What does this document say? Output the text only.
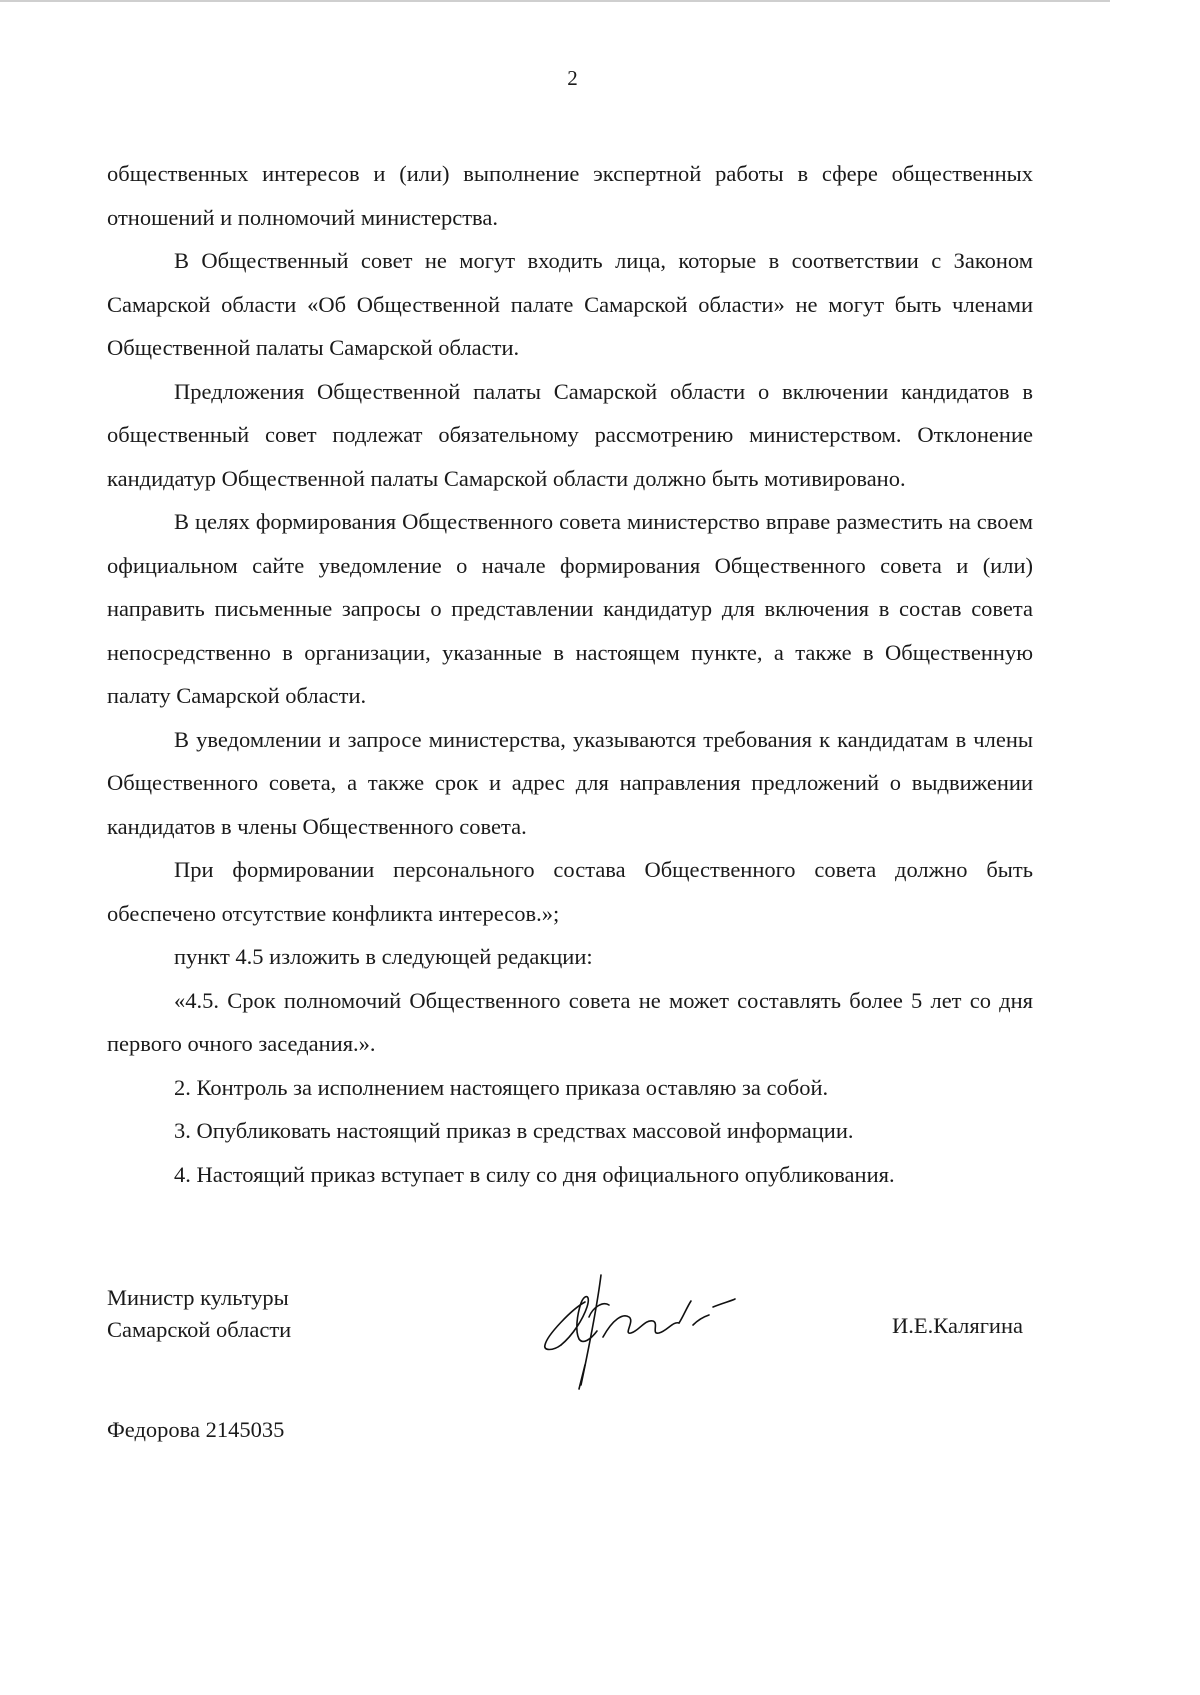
2

общественных интересов и (или) выполнение экспертной работы в сфере общественных отношений и полномочий министерства.

В Общественный совет не могут входить лица, которые в соответствии с Законом Самарской области «Об Общественной палате Самарской области» не могут быть членами Общественной палаты Самарской области.

Предложения Общественной палаты Самарской области о включении кандидатов в общественный совет подлежат обязательному рассмотрению министерством. Отклонение кандидатур Общественной палаты Самарской области должно быть мотивировано.

В целях формирования Общественного совета министерство вправе разместить на своем официальном сайте уведомление о начале формирования Общественного совета и (или) направить письменные запросы о представлении кандидатур для включения в состав совета непосредственно в организации, указанные в настоящем пункте, а также в Общественную палату Самарской области.

В уведомлении и запросе министерства, указываются требования к кандидатам в члены Общественного совета, а также срок и адрес для направления предложений о выдвижении кандидатов в члены Общественного совета.

При формировании персонального состава Общественного совета должно быть обеспечено отсутствие конфликта интересов.»;

пункт 4.5 изложить в следующей редакции:

«4.5. Срок полномочий Общественного совета не может составлять более 5 лет со дня первого очного заседания.».

2. Контроль за исполнением настоящего приказа оставляю за собой.

3. Опубликовать настоящий приказ в средствах массовой информации.

4. Настоящий приказ вступает в силу со дня официального опубликования.

Министр культуры
Самарской области	И.Е.Калягина
Федорова 2145035
